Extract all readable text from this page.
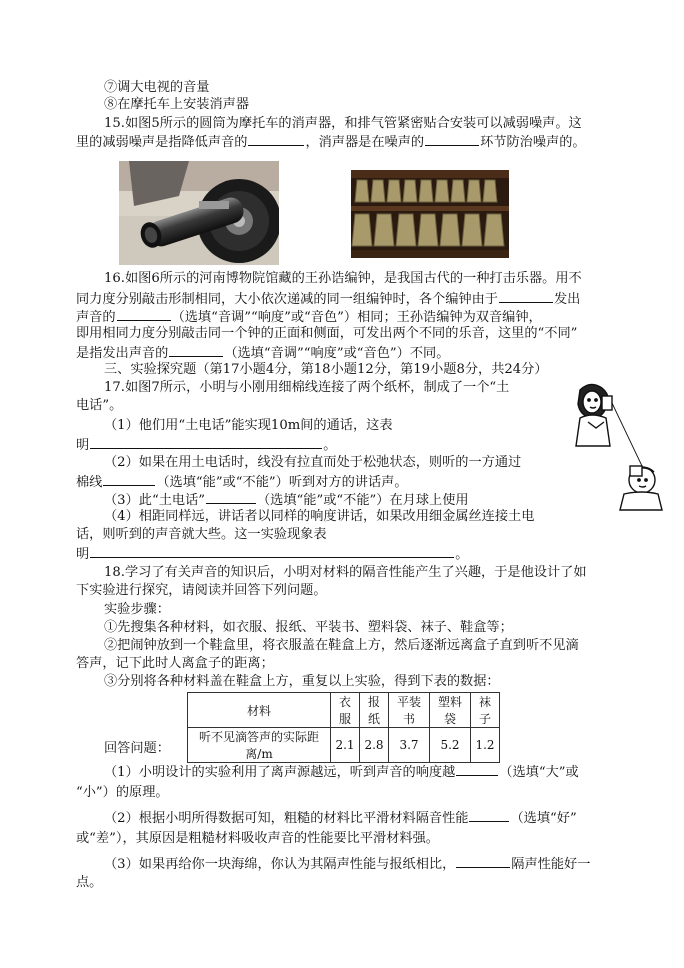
⑦调大电视的音量
⑧在摩托车上安装消声器
15.如图5所示的圆筒为摩托车的消声器，和排气管紧密贴合安装可以减弱噪声。这
里的减弱噪声是指降低声音的	，消声器是在噪声的	环节防治噪声的。
16.如图6所示的河南博物院馆藏的王孙诰编钟，是我国古代的一种打击乐器。用不
同力度分别敲击形制相同，大小依次递减的同一组编钟时，各个编钟由于	发出
声音的	（选填“音调”“响度”或“音色”）相同；王孙诰编钟为双音编钟，
即用相同力度分别敲击同一个钟的正面和侧面，可发出两个不同的乐音，这里的“不同”
是指发出声音的	（选填“音调”“响度”或“音色”）不同。
三、实验探究题（第17小题4分，第18小题12分，第19小题8分，共24分）
17.如图7所示，小明与小刚用细棉线连接了两个纸杯，制成了一个“土
电话”。
（1）他们用“土电话”能实现10m间的通话，这表
明	。
（2）如果在用土电话时，线没有拉直而处于松弛状态，则听的一方通过
棉线	（选填“能”或“不能”）听到对方的讲话声。
（3）此“土电话”	（选填“能”或“不能”）在月球上使用
（4）相距同样远，讲话者以同样的响度讲话，如果改用细金属丝连接土电
话，则听到的声音就大些。这一实验现象表
明	。
18.学习了有关声音的知识后，小明对材料的隔音性能产生了兴趣，于是他设计了如
下实验进行探究，请阅读并回答下列问题。
实验步骤：
①先搜集各种材料，如衣服、报纸、平装书、塑料袋、袜子、鞋盒等；
②把闹钟放到一个鞋盒里，将衣服盖在鞋盒上方，然后逐渐远离盒子直到听不见滴
答声，记下此时人离盒子的距离；
③分别将各种材料盖在鞋盒上方，重复以上实验，得到下表的数据：
材料	衣服	报纸	平装书	塑料袋	袜子
听不见滴答声的实际距离/m	2.1	2.8	3.7	5.2	1.2
回答问题：
（1）小明设计的实验利用了离声源越远，听到声音的响度越	（选填“大”或
“小”）的原理。
（2）根据小明所得数据可知，粗糙的材料比平滑材料隔音性能	（选填“好”
或“差”），其原因是粗糙材料吸收声音的性能要比平滑材料强。
（3）如果再给你一块海绵，你认为其隔声性能与报纸相比，	隔声性能好一
点。
